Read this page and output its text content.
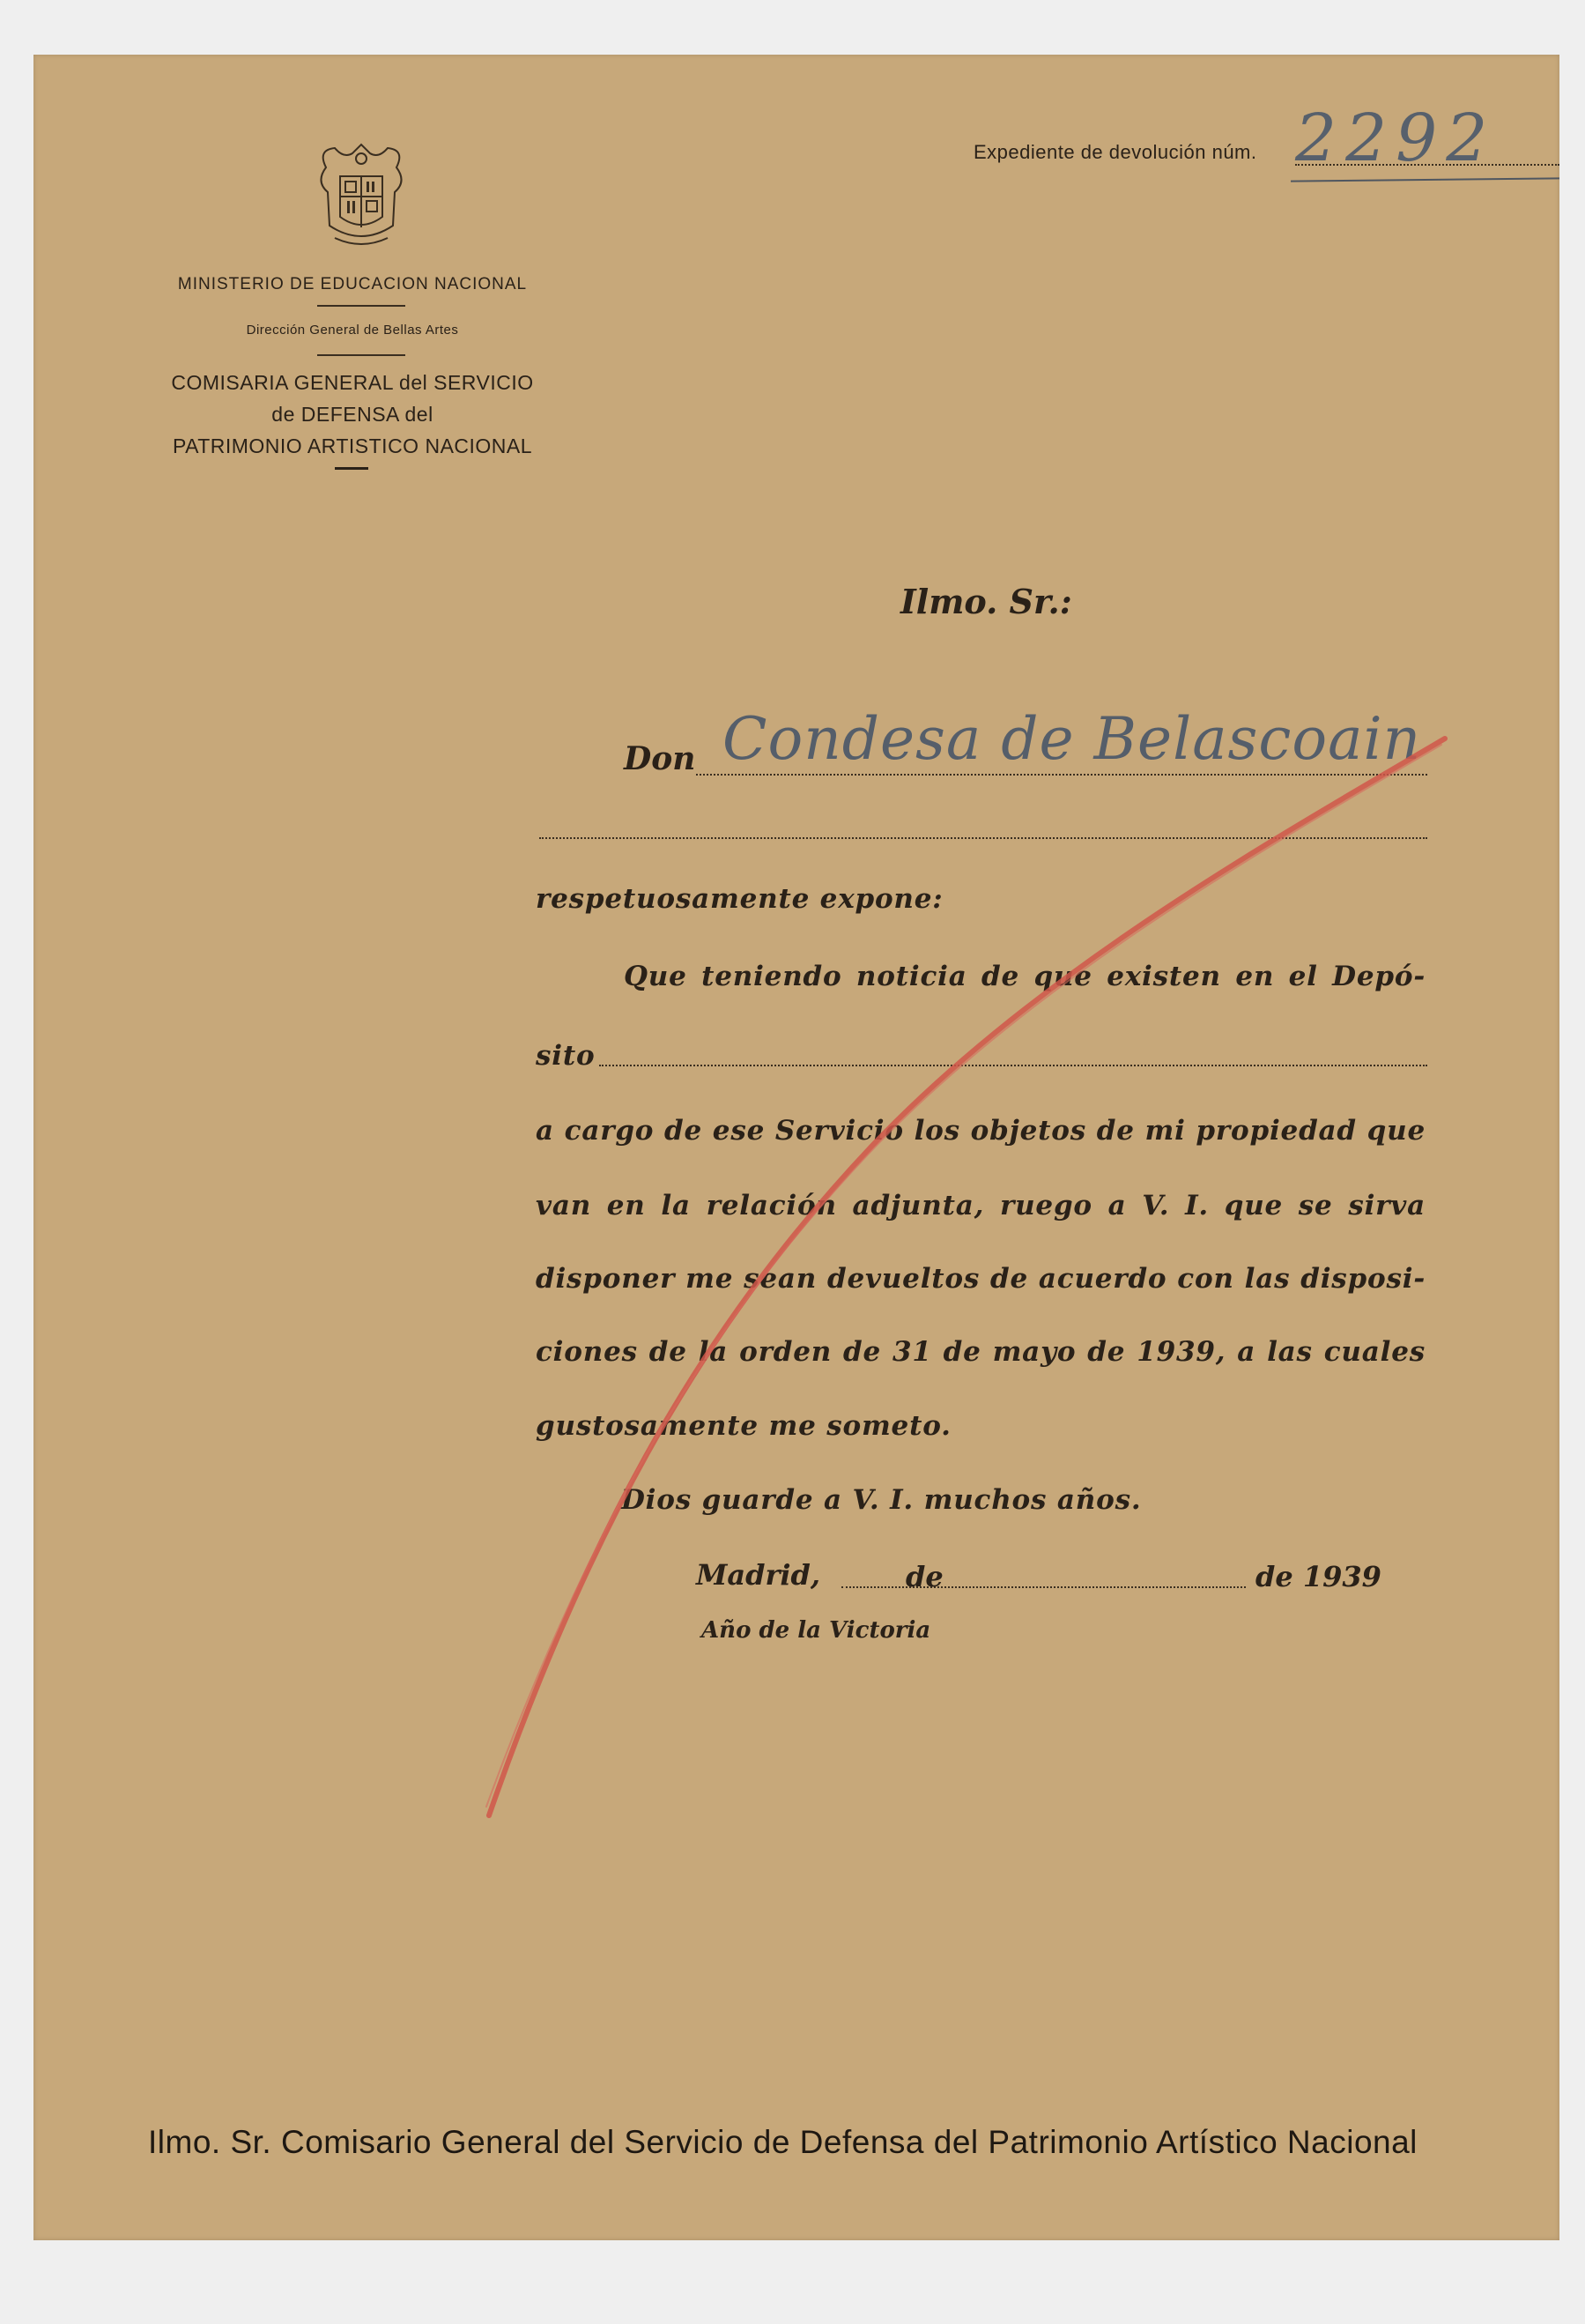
MINISTERIO DE EDUCACION NACIONAL
Dirección General de Bellas Artes
COMISARIA GENERAL del SERVICIO
de DEFENSA del
PATRIMONIO ARTISTICO NACIONAL
Expediente de devolución núm. 2292
Ilmo. Sr.:
Don Condesa de Belascoain
respetuosamente expone:
Que teniendo noticia de que existen en el Depó-
sito
a cargo de ese Servicio los objetos de mi propiedad que
van en la relación adjunta, ruego a V. I. que se sirva
disponer me sean devueltos de acuerdo con las disposi-
ciones de la orden de 31 de mayo de 1939, a las cuales
gustosamente me someto.
Dios guarde a V. I. muchos años.
Madrid,	de	de 1939
Año de la Victoria
Ilmo. Sr. Comisario General del Servicio de Defensa del Patrimonio Artístico Nacional
